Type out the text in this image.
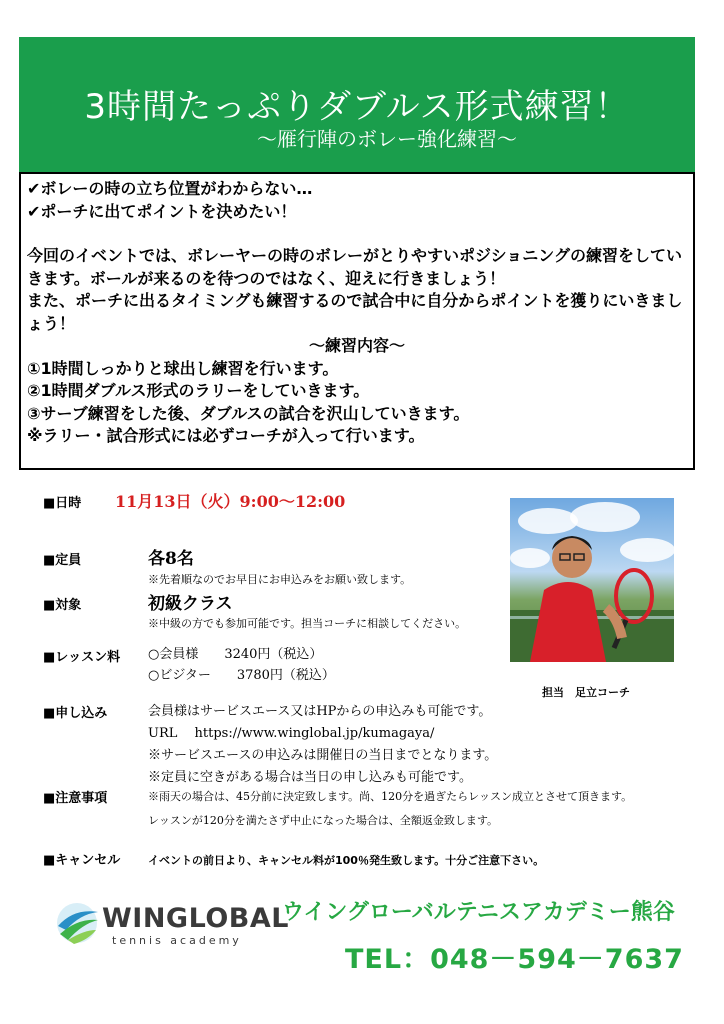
3時間たっぷりダブルス形式練習！
～雁行陣のボレー強化練習～

✔ボレーの時の立ち位置がわからない…

✔ポーチに出てポイントを決めたい！

今回のイベントでは、ボレーヤーの時のボレーがとりやすいポジショニングの練習をしていきます。ボールが来るのを待つのではなく、迎えに行きましょう！

また、ポーチに出るタイミングも練習するので試合中に自分からポイントを獲りにいきましょう！

～練習内容～

①1時間しっかりと球出し練習を行います。

②1時間ダブルス形式のラリーをしていきます。

③サーブ練習をした後、ダブルスの試合を沢山していきます。

※ラリー・試合形式には必ずコーチが入って行います。

■日時 11月13日（火）9:00～12:00
■定員	各8名
※先着順なのでお早目にお申込みをお願い致します。
■対象	初級クラス
※中級の方でも参加可能です。担当コーチに相談してください。
■レッスン料 ○会員様　　3240円（税込）
○ビジター　　3780円（税込）
■申し込み	会員様はサービスエース又はHPからの申込みも可能です。
URL　 https://www.winglobal.jp/kumagaya/
※サービスエースの申込みは開催日の当日までとなります。
※定員に空きがある場合は当日の申し込みも可能です。
■注意事項	※雨天の場合は、45分前に決定致します。尚、120分を過ぎたらレッスン成立とさせて頂きます。
レッスンが120分を満たさず中止になった場合は、全額返金致します。
■キャンセル	イベントの前日より、キャンセル料が100％発生致します。十分ご注意下さい。
担当　足立コーチ
WINGLOBAL
tennis academy
ウイングローバルテニスアカデミー熊谷
TEL：048－594－7637
